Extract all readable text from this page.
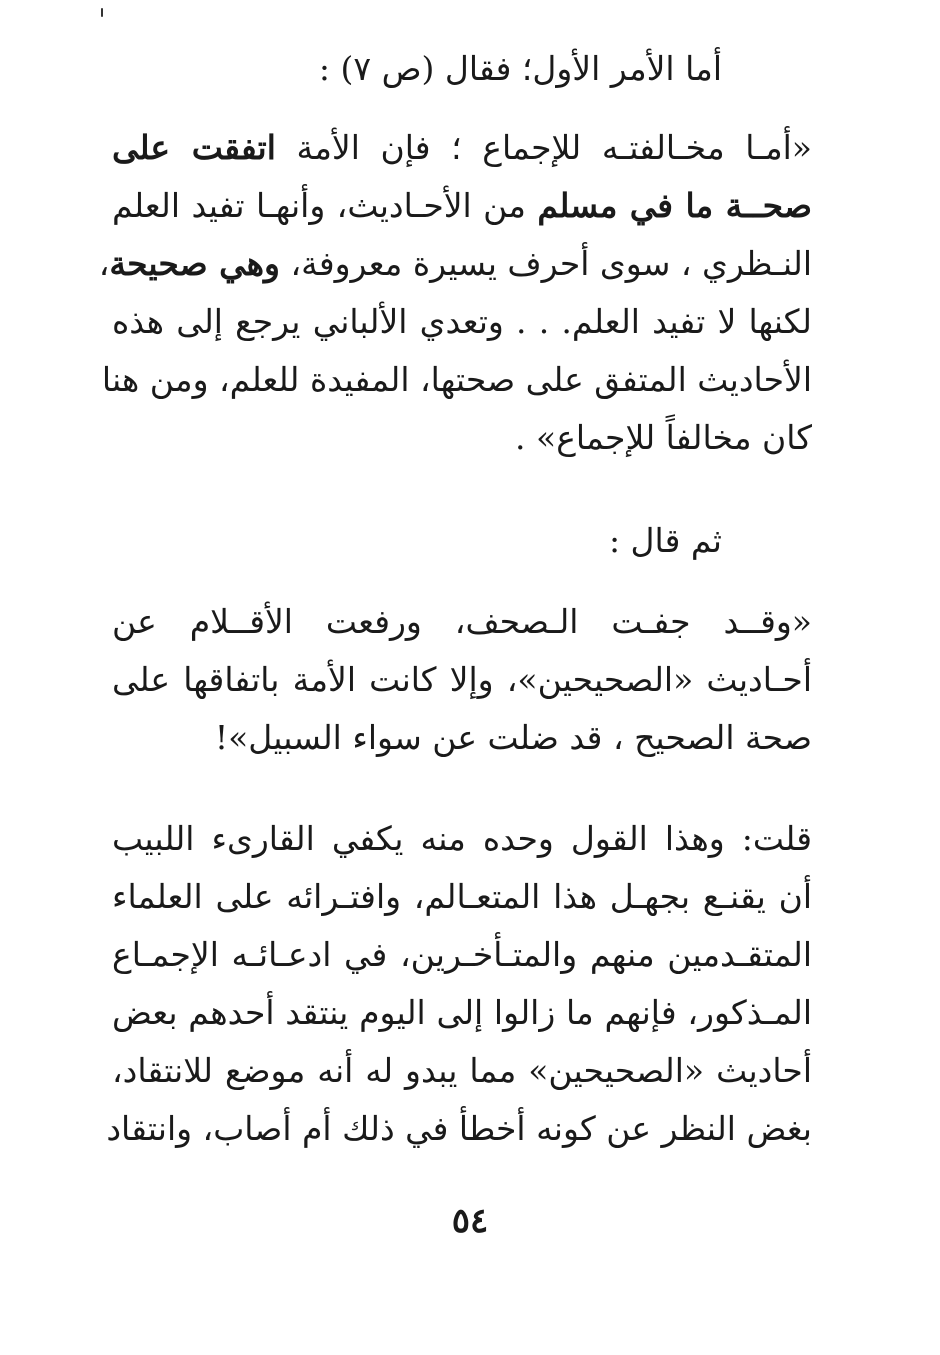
أما الأمر الأول؛ فقال (ص ٧) :
«أمـا مخـالفتـه للإجماع ؛ فإن الأمة اتفقت على
صحــة ما في مسلم من الأحـاديث، وأنهـا تفيد العلم
النـظري ، سوى أحرف يسيرة معروفة، وهي صحيحة،
لكنها لا تفيد العلم. . . وتعدي الألباني يرجع إلى هذه
الأحاديث المتفق على صحتها، المفيدة للعلم، ومن هنا
كان مخالفاً للإجماع» .
ثم قال :
«وقــد جفـت الـصحف، ورفعت الأقــلام عن
أحـاديث «الصحيحين»، وإلا كانت الأمة باتفاقها على
صحة الصحيح ، قد ضلت عن سواء السبيل»!
قلت: وهذا القول وحده منه يكفي القارىء اللبيب
أن يقنـع بجهـل هذا المتعـالم، وافتـرائه على العلماء
المتقـدمين منهم والمتـأخـرين، في ادعـائـه الإجمـاع
المـذكور، فإنهم ما زالوا إلى اليوم ينتقد أحدهم بعض
أحاديث «الصحيحين» مما يبدو له أنه موضع للانتقاد،
بغض النظر عن كونه أخطأ في ذلك أم أصاب، وانتقاد
٥٤
